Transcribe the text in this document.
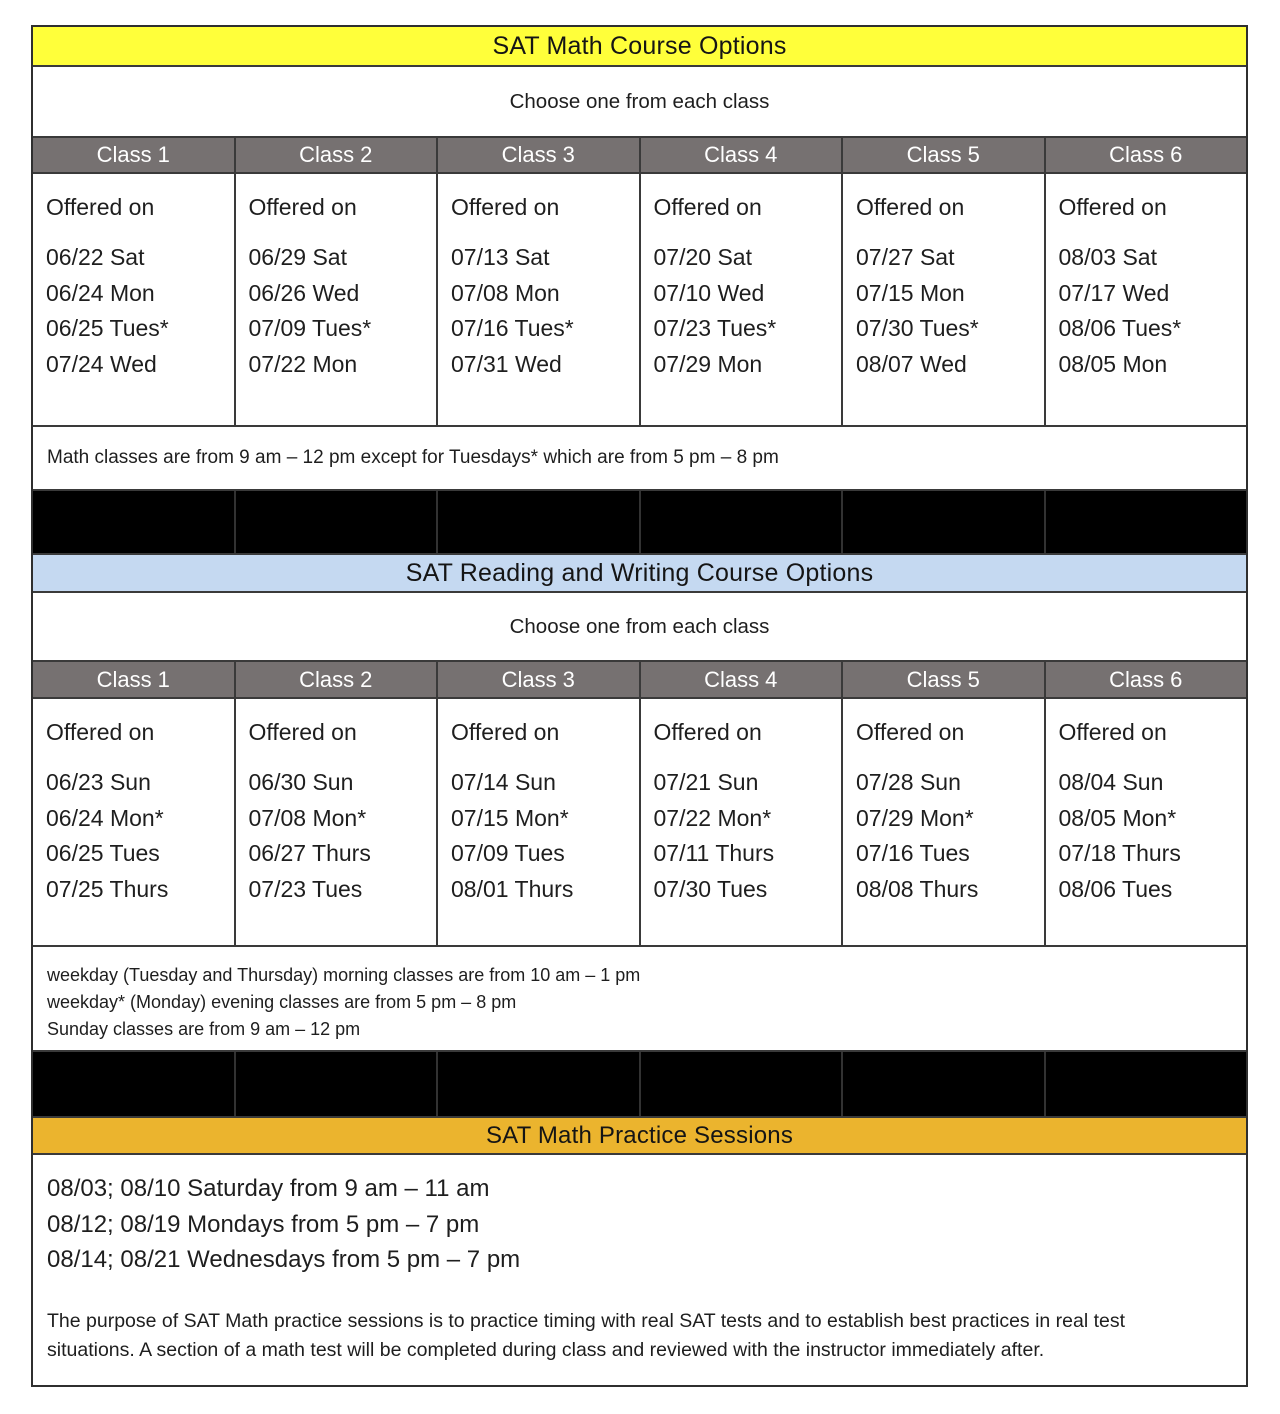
SAT Math Course Options
Choose one from each class
Class 1	Class 2	Class 3	Class 4	Class 5	Class 6
Offered on
06/22 Sat
06/24 Mon
06/25 Tues*
07/24 Wed
Offered on
06/29 Sat
06/26 Wed
07/09 Tues*
07/22 Mon
Offered on
07/13 Sat
07/08 Mon
07/16 Tues*
07/31 Wed
Offered on
07/20 Sat
07/10 Wed
07/23 Tues*
07/29 Mon
Offered on
07/27 Sat
07/15 Mon
07/30 Tues*
08/07 Wed
Offered on
08/03 Sat
07/17 Wed
08/06 Tues*
08/05 Mon
Math classes are from 9 am – 12 pm except for Tuesdays* which are from 5 pm – 8 pm
SAT Reading and Writing Course Options
Choose one from each class
Class 1	Class 2	Class 3	Class 4	Class 5	Class 6
Offered on
06/23 Sun
06/24 Mon*
06/25 Tues
07/25 Thurs
Offered on
06/30 Sun
07/08 Mon*
06/27 Thurs
07/23 Tues
Offered on
07/14 Sun
07/15 Mon*
07/09 Tues
08/01 Thurs
Offered on
07/21 Sun
07/22 Mon*
07/11 Thurs
07/30 Tues
Offered on
07/28 Sun
07/29 Mon*
07/16 Tues
08/08 Thurs
Offered on
08/04 Sun
08/05 Mon*
07/18 Thurs
08/06 Tues
weekday (Tuesday and Thursday) morning classes are from 10 am – 1 pm
weekday* (Monday) evening classes are from 5 pm – 8 pm
Sunday classes are from 9 am – 12 pm
SAT Math Practice Sessions
08/03; 08/10 Saturday from 9 am – 11 am
08/12; 08/19 Mondays from 5 pm – 7 pm
08/14; 08/21 Wednesdays from 5 pm – 7 pm

The purpose of SAT Math practice sessions is to practice timing with real SAT tests and to establish best practices in real test situations. A section of a math test will be completed during class and reviewed with the instructor immediately after.
